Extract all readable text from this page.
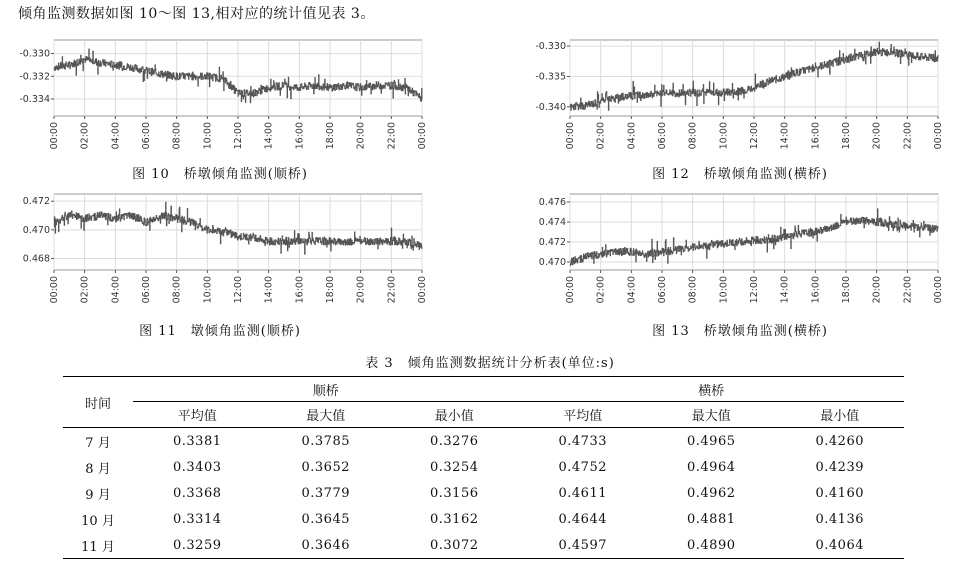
倾角监测数据如图 10～图 13,相对应的统计值见表 3。
-0.330
-0.332
-0.334
00:00 02:00 04:00 06:00 08:00 10:00 12:00 14:00 16:00 18:00 20:00 22:00 00:00
图 10　桥墩倾角监测(顺桥)
0.472
0.470
0.468
00:00 02:00 04:00 06:00 08:00 10:00 12:00 14:00 16:00 18:00 20:00 22:00 00:00
图 11　墩倾角监测(顺桥)
-0.330
-0.335
-0.340
00:00 02:00 04:00 06:00 08:00 10:00 12:00 14:00 16:00 18:00 20:00 22:00 00:00
图 12　桥墩倾角监测(横桥)
0.476
0.474
0.472
0.470
00:00 02:00 04:00 06:00 08:00 10:00 12:00 14:00 16:00 18:00 20:00 22:00 00:00
图 13　桥墩倾角监测(横桥)
表 3　倾角监测数据统计分析表(单位:s)
时间	顺桥			横桥		
	平均值	最大值	最小值	平均值	最大值	最小值
7 月	0.3381	0.3785	0.3276	0.4733	0.4965	0.4260
8 月	0.3403	0.3652	0.3254	0.4752	0.4964	0.4239
9 月	0.3368	0.3779	0.3156	0.4611	0.4962	0.4160
10 月	0.3314	0.3645	0.3162	0.4644	0.4881	0.4136
11 月	0.3259	0.3646	0.3072	0.4597	0.4890	0.4064
